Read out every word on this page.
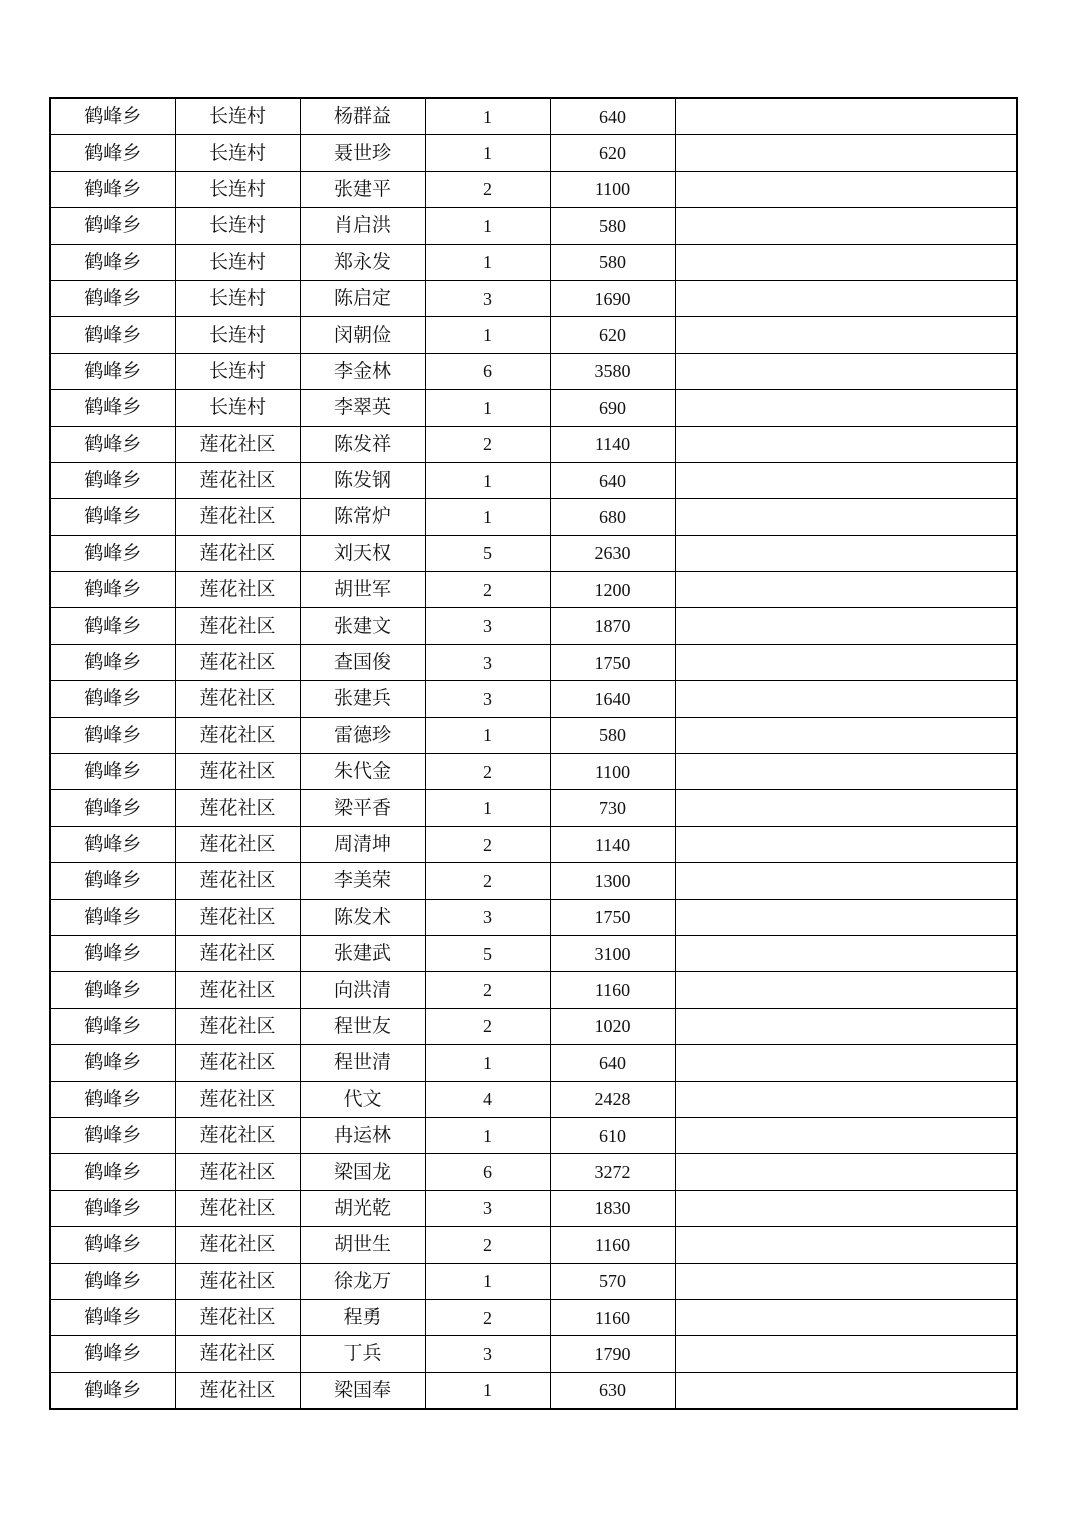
鹤峰乡	长连村	杨群益	1	640	
鹤峰乡	长连村	聂世珍	1	620	
鹤峰乡	长连村	张建平	2	1100	
鹤峰乡	长连村	肖启洪	1	580	
鹤峰乡	长连村	郑永发	1	580	
鹤峰乡	长连村	陈启定	3	1690	
鹤峰乡	长连村	闵朝俭	1	620	
鹤峰乡	长连村	李金林	6	3580	
鹤峰乡	长连村	李翠英	1	690	
鹤峰乡	莲花社区	陈发祥	2	1140	
鹤峰乡	莲花社区	陈发钢	1	640	
鹤峰乡	莲花社区	陈常炉	1	680	
鹤峰乡	莲花社区	刘天权	5	2630	
鹤峰乡	莲花社区	胡世军	2	1200	
鹤峰乡	莲花社区	张建文	3	1870	
鹤峰乡	莲花社区	查国俊	3	1750	
鹤峰乡	莲花社区	张建兵	3	1640	
鹤峰乡	莲花社区	雷德珍	1	580	
鹤峰乡	莲花社区	朱代金	2	1100	
鹤峰乡	莲花社区	梁平香	1	730	
鹤峰乡	莲花社区	周清坤	2	1140	
鹤峰乡	莲花社区	李美荣	2	1300	
鹤峰乡	莲花社区	陈发术	3	1750	
鹤峰乡	莲花社区	张建武	5	3100	
鹤峰乡	莲花社区	向洪清	2	1160	
鹤峰乡	莲花社区	程世友	2	1020	
鹤峰乡	莲花社区	程世清	1	640	
鹤峰乡	莲花社区	代文	4	2428	
鹤峰乡	莲花社区	冉运林	1	610	
鹤峰乡	莲花社区	梁国龙	6	3272	
鹤峰乡	莲花社区	胡光乾	3	1830	
鹤峰乡	莲花社区	胡世生	2	1160	
鹤峰乡	莲花社区	徐龙万	1	570	
鹤峰乡	莲花社区	程勇	2	1160	
鹤峰乡	莲花社区	丁兵	3	1790	
鹤峰乡	莲花社区	梁国奉	1	630	
